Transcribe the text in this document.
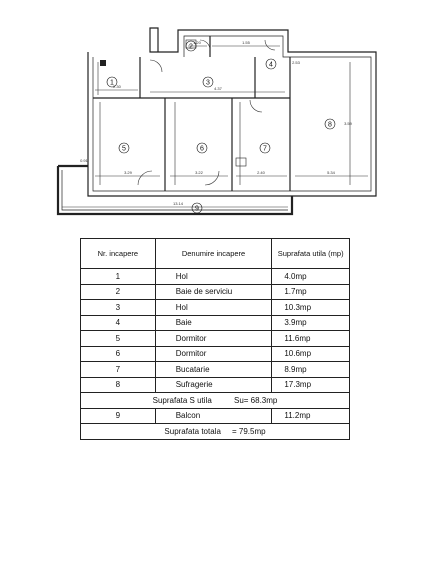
1
2
3
4
5	6	7
8
9
1.20	1.55
4.37
2.30
3.29	3.22	2.40
3.59
5.34
0.91
13.14
2.53
Nr. incapere	Denumire incapere	Suprafata utila (mp)
1	Hol	4.0mp
2	Baie de serviciu	1.7mp
3	Hol	10.3mp
4	Baie	3.9mp
5	Dormitor	11.6mp
6	Dormitor	10.6mp
7	Bucatarie	8.9mp
8	Sufragerie	17.3mp
Suprafata S utila          Su= 68.3mp		
9	Balcon	11.2mp
Suprafata totala     = 79.5mp		
